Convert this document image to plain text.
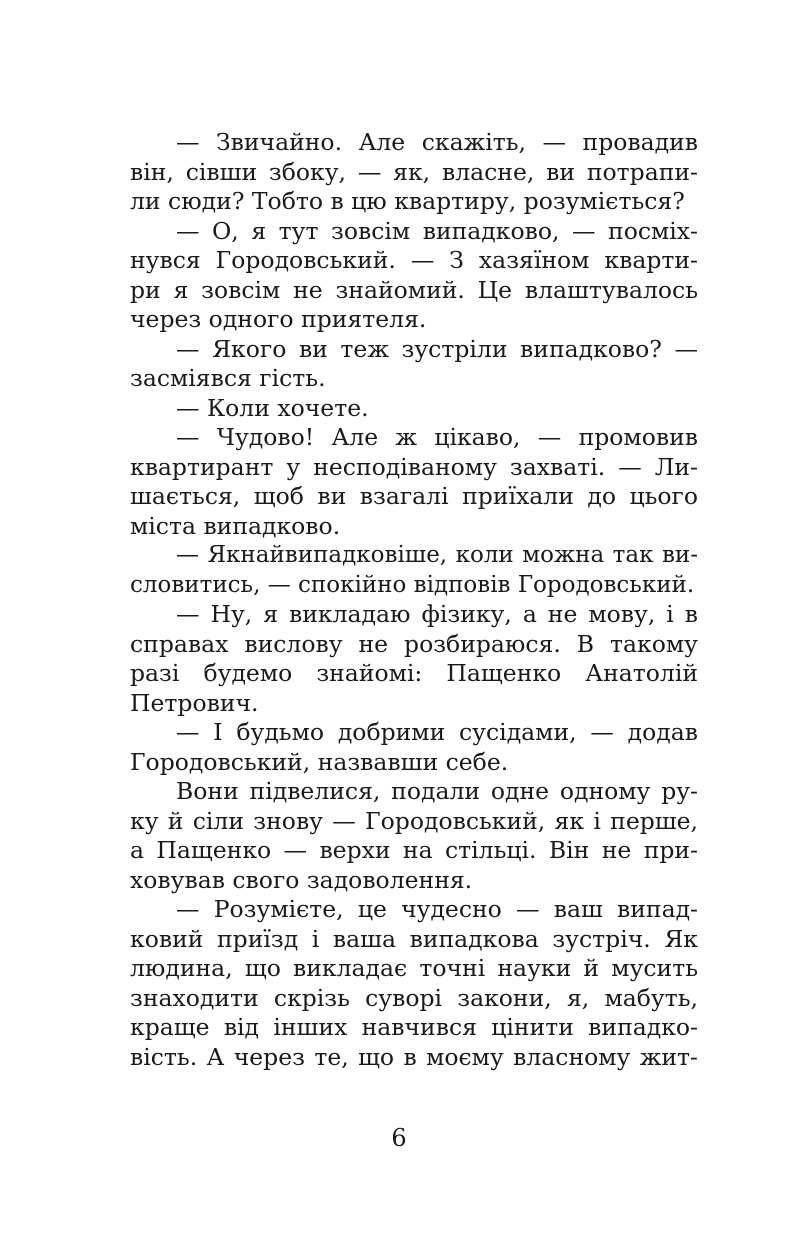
— Звичайно. Але скажіть, — провадив
він, сівши збоку, — як, власне, ви потрапи-
ли сюди? Тобто в цю квартиру, розуміється?
— О, я тут зовсім випадково, — посміх-
нувся Городовський. — З хазяїном кварти-
ри я зовсім не знайомий. Це влаштувалось
через одного приятеля.
— Якого ви теж зустріли випадково? —
засміявся гість.
— Коли хочете.
— Чудово! Але ж цікаво, — промовив
квартирант у несподіваному захваті. — Ли-
шається, щоб ви взагалі приїхали до цього
міста випадково.
— Якнайвипадковіше, коли можна так ви-
словитись, — спокійно відповів Городовський.
— Ну, я викладаю фізику, а не мову, і в
справах вислову не розбираюся. В такому
разі будемо знайомі: Пащенко Анатолій
Петрович.
— І будьмо добрими сусідами, — додав
Городовський, назвавши себе.
Вони підвелися, подали одне одному ру-
ку й сіли знову — Городовський, як і перше,
а Пащенко — верхи на стільці. Він не при-
ховував свого задоволення.
— Розумієте, це чудесно — ваш випад-
ковий приїзд і ваша випадкова зустріч. Як
людина, що викладає точні науки й мусить
знаходити скрізь суворі закони, я, мабуть,
краще від інших навчився цінити випадко-
вість. А через те, що в моєму власному жит-
6
